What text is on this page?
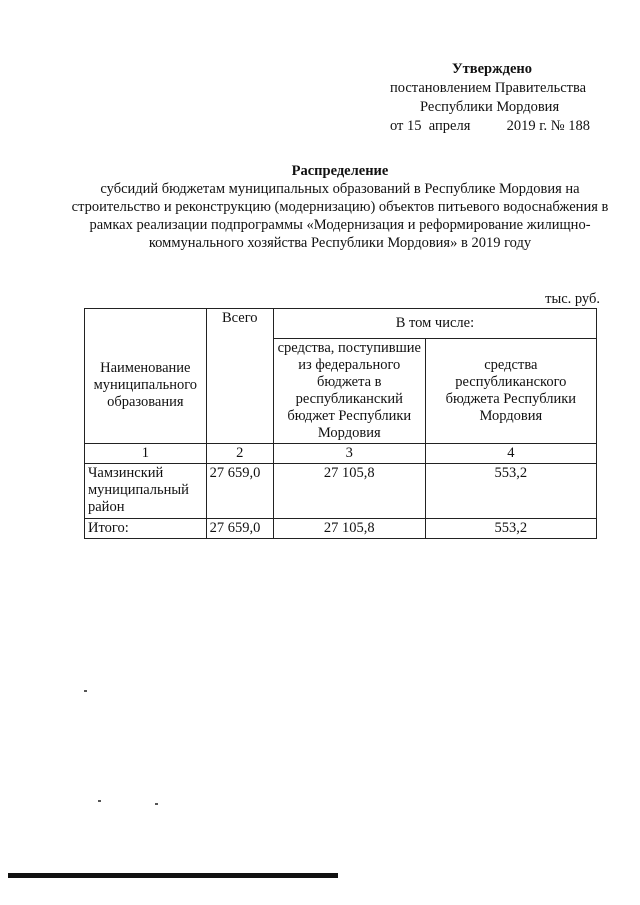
Утверждено
постановлением Правительства
Республики Мордовия
от 15  апреля          2019 г. № 188
Распределение
субсидий бюджетам муниципальных образований в Республике Мордовия на строительство и реконструкцию (модернизацию) объектов питьевого водоснабжения в рамках реализации подпрограммы «Модернизация и реформирование жилищно-коммунального хозяйства Республики Мордовия» в 2019 году
тыс. руб.
Наименование муниципального образования	Всего	В том числе:	
		средства, поступившие из федерального бюджета в республиканский бюджет Республики Мордовия	средства республиканского бюджета Республики Мордовия
1	2	3	4
Чамзинский муниципальный район	27 659,0	27 105,8	553,2
Итого:	27 659,0	27 105,8	553,2
